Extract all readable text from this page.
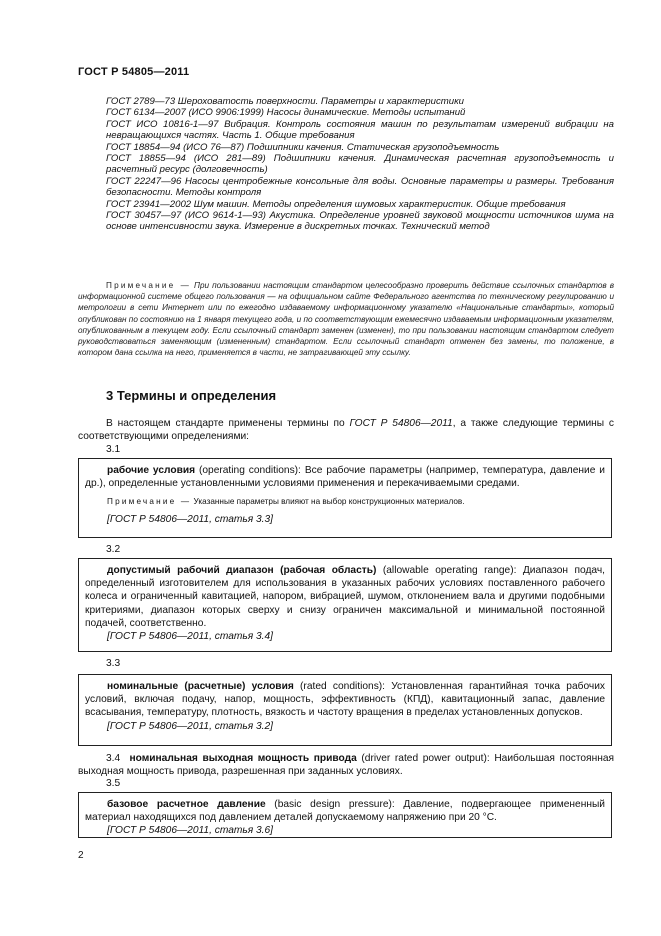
ГОСТ Р 54805—2011
ГОСТ 2789—73 Шероховатость поверхности. Параметры и характеристики
ГОСТ 6134—2007 (ИСО 9906:1999) Насосы динамические. Методы испытаний
ГОСТ ИСО 10816-1—97 Вибрация. Контроль состояния машин по результатам измерений вибрации на невращающихся частях. Часть 1. Общие требования
ГОСТ 18854—94 (ИСО 76—87) Подшипники качения. Статическая грузоподъемность
ГОСТ 18855—94 (ИСО 281—89) Подшипники качения. Динамическая расчетная грузоподъемность и расчетный ресурс (долговечность)
ГОСТ 22247—96 Насосы центробежные консольные для воды. Основные параметры и размеры. Требования безопасности. Методы контроля
ГОСТ 23941—2002 Шум машин. Методы определения шумовых характеристик. Общие требования
ГОСТ 30457—97 (ИСО 9614-1—93) Акустика. Определение уровней звуковой мощности источников шума на основе интенсивности звука. Измерение в дискретных точках. Технический метод
Примечание — При пользовании настоящим стандартом целесообразно проверить действие ссылочных стандартов в информационной системе общего пользования — на официальном сайте Федерального агентства по техническому регулированию и метрологии в сети Интернет или по ежегодно издаваемому информационному указателю «Национальные стандарты», который опубликован по состоянию на 1 января текущего года, и по соответствующим ежемесячно издаваемым информационным указателям, опубликованным в текущем году. Если ссылочный стандарт заменен (изменен), то при пользовании настоящим стандартом следует руководствоваться заменяющим (измененным) стандартом. Если ссылочный стандарт отменен без замены, то положение, в котором дана ссылка на него, применяется в части, не затрагивающей эту ссылку.
3 Термины и определения
В настоящем стандарте применены термины по ГОСТ Р 54806—2011, а также следующие термины с соответствующими определениями:
3.1
рабочие условия (operating conditions): Все рабочие параметры (например, температура, давление и др.), определенные установленными условиями применения и перекачиваемыми средами.
Примечание — Указанные параметры влияют на выбор конструкционных материалов.
[ГОСТ Р 54806—2011, статья 3.3]
3.2
допустимый рабочий диапазон (рабочая область) (allowable operating range): Диапазон подач, определенный изготовителем для использования в указанных рабочих условиях поставленного рабочего колеса и ограниченный кавитацией, напором, вибрацией, шумом, отклонением вала и другими подобными критериями, диапазон которых сверху и снизу ограничен максимальной и минимальной постоянной подачей, соответственно.
[ГОСТ Р 54806—2011, статья 3.4]
3.3
номинальные (расчетные) условия (rated conditions): Установленная гарантийная точка рабочих условий, включая подачу, напор, мощность, эффективность (КПД), кавитационный запас, давление всасывания, температуру, плотность, вязкость и частоту вращения в пределах установленных допусков.
[ГОСТ Р 54806—2011, статья 3.2]
3.4 номинальная выходная мощность привода (driver rated power output): Наибольшая постоянная выходная мощность привода, разрешенная при заданных условиях.
3.5
базовое расчетное давление (basic design pressure): Давление, подвергающее примененный материал находящихся под давлением деталей допускаемому напряжению при 20 °С.
[ГОСТ Р 54806—2011, статья 3.6]
2
